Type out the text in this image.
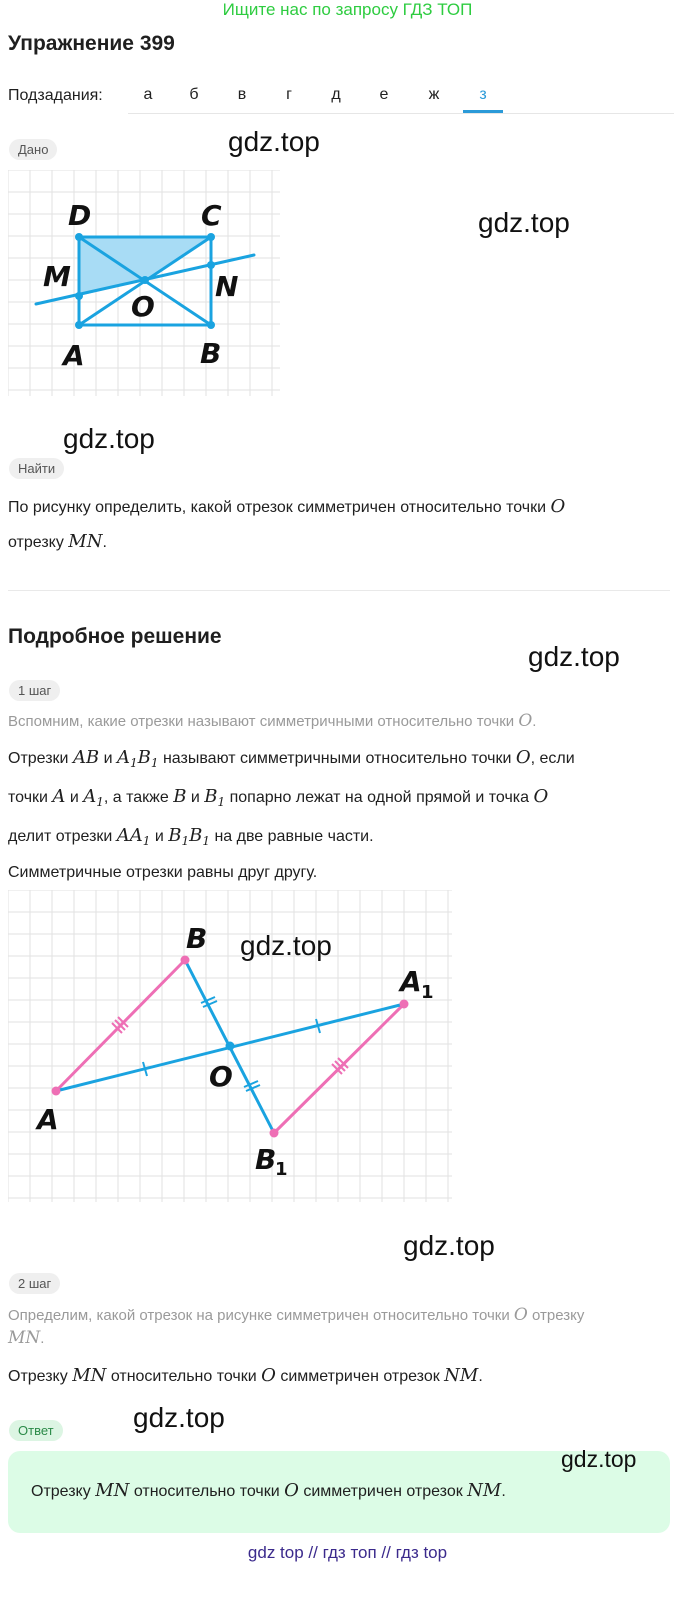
Ищите нас по запросу ГДЗ ТОП
Упражнение 399
Подзадания:	а	б	в	г	д	е	ж	з
Дано	gdz.top
gdz.top
D	C
M	N
O
A	B
gdz.top
Найти
По рисунку определить, какой отрезок симметричен относительно точки O
отрезку MN.
Подробное решение
gdz.top
1 шаг
Вспомним, какие отрезки называют симметричными относительно точки O.
Отрезки AB и $A_1B_1$ называют симметричными относительно точки O, если
точки A и $A_1$, а также B и $B_1$ попарно лежат на одной прямой и точка O
делит отрезки $AA_1$ и $B_1B_1$ на две равные части.
Симметричные отрезки равны друг другу.
B
A 1
O
A
B
1
gdz.top
gdz.top
2 шаг
Определим, какой отрезок на рисунке симметричен относительно точки O отрезку
MN.
Отрезку MN относительно точки O симметричен отрезок NM.
Ответ	gdz.top
gdz.top
Отрезку MN относительно точки O симметричен отрезок NM.
gdz top // гдз топ // гдз top
